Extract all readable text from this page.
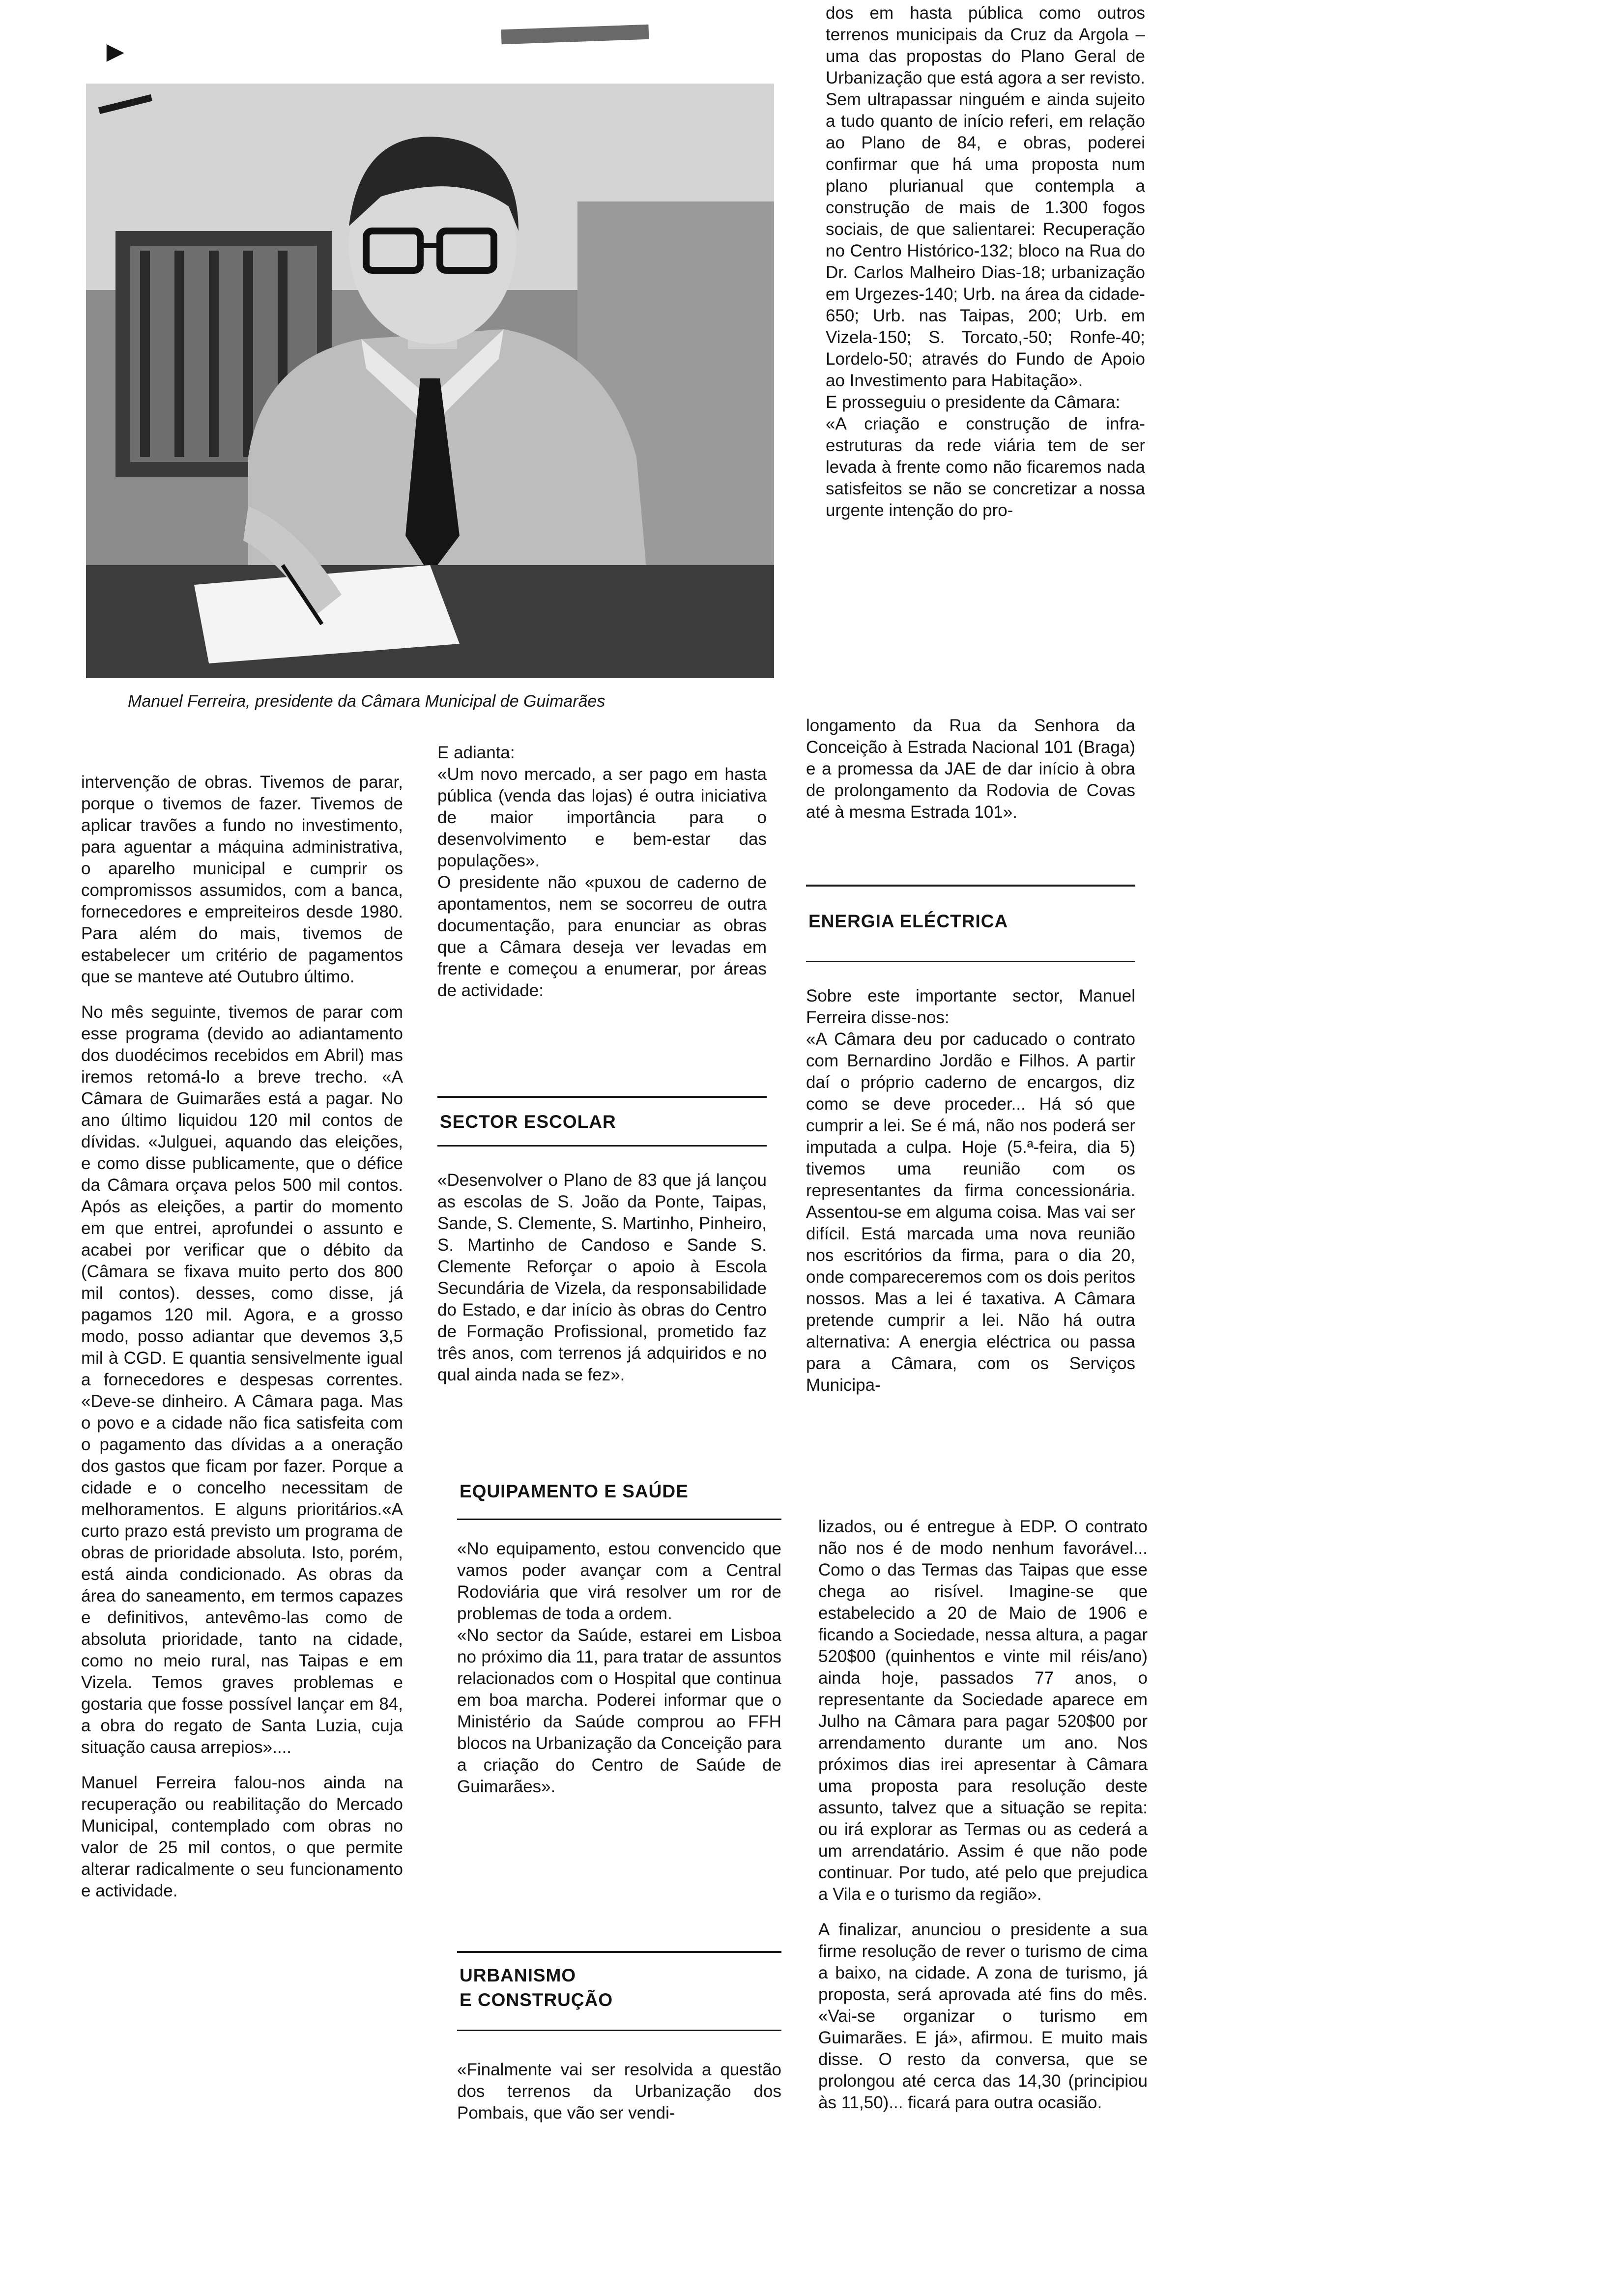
Manuel Ferreira, presidente da Câmara Municipal de Guimarães

intervenção de obras. Tivemos de parar, porque o tivemos de fazer. Tivemos de aplicar travões a fundo no investimento, para aguentar a máquina administrativa, o aparelho municipal e cumprir os compromissos assumidos, com a banca, fornecedores e empreiteiros desde 1980. Para além do mais, tivemos de estabelecer um critério de pagamentos que se manteve até Outubro último.

No mês seguinte, tivemos de parar com esse programa (devido ao adiantamento dos duodécimos recebidos em Abril) mas iremos retomá-lo a breve trecho. «A Câmara de Guimarães está a pagar. No ano último liquidou 120 mil contos de dívidas. «Julguei, aquando das eleições, e como disse publicamente, que o défice da Câmara orçava pelos 500 mil contos. Após as eleições, a partir do momento em que entrei, aprofundei o assunto e acabei por verificar que o débito da (Câmara se fixava muito perto dos 800 mil contos). desses, como disse, já pagamos 120 mil. Agora, e a grosso modo, posso adiantar que devemos 3,5 mil à CGD. E quantia sensivelmente igual a fornecedores e despesas correntes. «Deve-se dinheiro. A Câmara paga. Mas o povo e a cidade não fica satisfeita com o pagamento das dívidas a a oneração dos gastos que ficam por fazer. Porque a cidade e o concelho necessitam de melhoramentos. E alguns prioritários.«A curto prazo está previsto um programa de obras de prioridade absoluta. Isto, porém, está ainda condicionado. As obras da área do saneamento, em termos capazes e definitivos, antevêmo-las como de absoluta prioridade, tanto na cidade, como no meio rural, nas Taipas e em Vizela. Temos graves problemas e gostaria que fosse possível lançar em 84, a obra do regato de Santa Luzia, cuja situação causa arrepios»....

Manuel Ferreira falou-nos ainda na recuperação ou reabilitação do Mercado Municipal, contemplado com obras no valor de 25 mil contos, o que permite alterar radicalmente o seu funcionamento e actividade.

E adianta:

«Um novo mercado, a ser pago em hasta pública (venda das lojas) é outra iniciativa de maior importância para o desenvolvimento e bem-estar das populações».

O presidente não «puxou de caderno de apontamentos, nem se socorreu de outra documentação, para enunciar as obras que a Câmara deseja ver levadas em frente e começou a enumerar, por áreas de actividade:

SECTOR ESCOLAR

«Desenvolver o Plano de 83 que já lançou as escolas de S. João da Ponte, Taipas, Sande, S. Clemente, S. Martinho, Pinheiro, S. Martinho de Candoso e Sande S. Clemente Reforçar o apoio à Escola Secundária de Vizela, da responsabilidade do Estado, e dar início às obras do Centro de Formação Profissional, prometido faz três anos, com terrenos já adquiridos e no qual ainda nada se fez».

EQUIPAMENTO E SAÚDE

«No equipamento, estou convencido que vamos poder avançar com a Central Rodoviária que virá resolver um ror de problemas de toda a ordem.

«No sector da Saúde, estarei em Lisboa no próximo dia 11, para tratar de assuntos relacionados com o Hospital que continua em boa marcha. Poderei informar que o Ministério da Saúde comprou ao FFH blocos na Urbanização da Conceição para a criação do Centro de Saúde de Guimarães».

URBANISMO
E CONSTRUÇÃO

«Finalmente vai ser resolvida a questão dos terrenos da Urbanização dos Pombais, que vão ser vendi-

dos em hasta pública como outros terrenos municipais da Cruz da Argola – uma das propostas do Plano Geral de Urbanização que está agora a ser revisto. Sem ultrapassar ninguém e ainda sujeito a tudo quanto de início referi, em relação ao Plano de 84, e obras, poderei confirmar que há uma proposta num plano plurianual que contempla a construção de mais de 1.300 fogos sociais, de que salientarei: Recuperação no Centro Histórico-132; bloco na Rua do Dr. Carlos Malheiro Dias-18; urbanização em Urgezes-140; Urb. na área da cidade-650; Urb. nas Taipas, 200; Urb. em Vizela-150; S. Torcato,-50; Ronfe-40; Lordelo-50; através do Fundo de Apoio ao Investimento para Habitação».

E prosseguiu o presidente da Câmara:

«A criação e construção de infra-estruturas da rede viária tem de ser levada à frente como não ficaremos nada satisfeitos se não se concretizar a nossa urgente intenção do pro-

longamento da Rua da Senhora da Conceição à Estrada Nacional 101 (Braga) e a promessa da JAE de dar início à obra de prolongamento da Rodovia de Covas até à mesma Estrada 101».

ENERGIA ELÉCTRICA

Sobre este importante sector, Manuel Ferreira disse-nos:

«A Câmara deu por caducado o contrato com Bernardino Jordão e Filhos. A partir daí o próprio caderno de encargos, diz como se deve proceder... Há só que cumprir a lei. Se é má, não nos poderá ser imputada a culpa. Hoje (5.ª-feira, dia 5) tivemos uma reunião com os representantes da firma concessionária. Assentou-se em alguma coisa. Mas vai ser difícil. Está marcada uma nova reunião nos escritórios da firma, para o dia 20, onde compareceremos com os dois peritos nossos. Mas a lei é taxativa. A Câmara pretende cumprir a lei. Não há outra alternativa: A energia eléctrica ou passa para a Câmara, com os Serviços Municipa-

lizados, ou é entregue à EDP. O contrato não nos é de modo nenhum favorável... Como o das Termas das Taipas que esse chega ao risível. Imagine-se que estabelecido a 20 de Maio de 1906 e ficando a Sociedade, nessa altura, a pagar 520$00 (quinhentos e vinte mil réis/ano) ainda hoje, passados 77 anos, o representante da Sociedade aparece em Julho na Câmara para pagar 520$00 por arrendamento durante um ano. Nos próximos dias irei apresentar à Câmara uma proposta para resolução deste assunto, talvez que a situação se repita: ou irá explorar as Termas ou as cederá a um arrendatário. Assim é que não pode continuar. Por tudo, até pelo que prejudica a Vila e o turismo da região».

A finalizar, anunciou o presidente a sua firme resolução de rever o turismo de cima a baixo, na cidade. A zona de turismo, já proposta, será aprovada até fins do mês. «Vai-se organizar o turismo em Guimarães. E já», afirmou. E muito mais disse. O resto da conversa, que se prolongou até cerca das 14,30 (principiou às 11,50)... ficará para outra ocasião.

►
